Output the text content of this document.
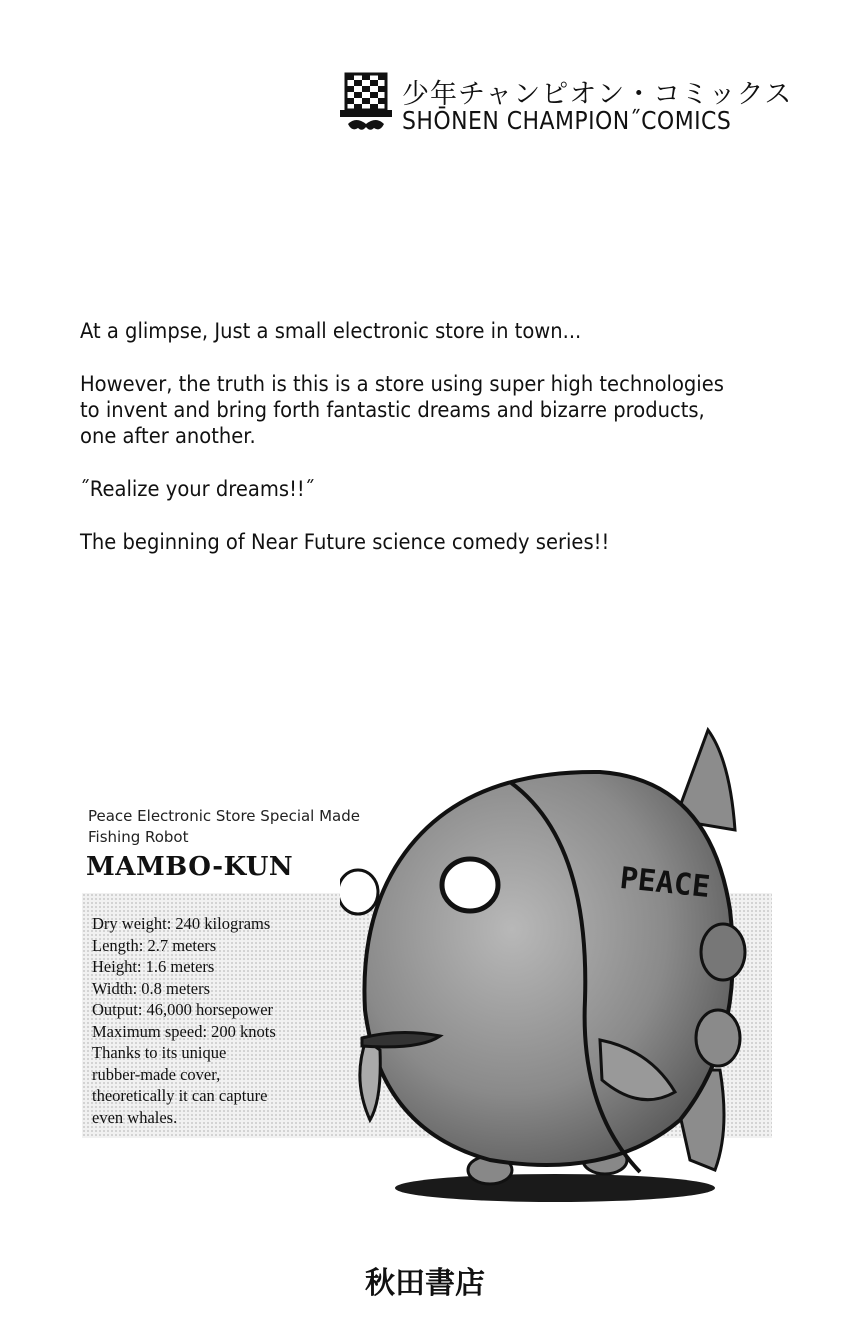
少年チャンピオン・コミックス
SHŌNEN CHAMPION˝COMICS

At a glimpse, Just a small electronic store in town...

However, the truth is this is a store using super high technologies to invent and bring forth fantastic dreams and bizarre products, one after another.

˝Realize your dreams!!˝

The beginning of Near Future science comedy series!!

PEACE
Peace Electronic Store Special Made
Fishing Robot
MAMBO-KUN
Dry weight: 240 kilograms
Length: 2.7 meters
Height: 1.6 meters
Width: 0.8 meters
Output: 46,000 horsepower
Maximum speed: 200 knots
Thanks to its unique
rubber-made cover,
theoretically it can capture
even whales.
秋田書店
